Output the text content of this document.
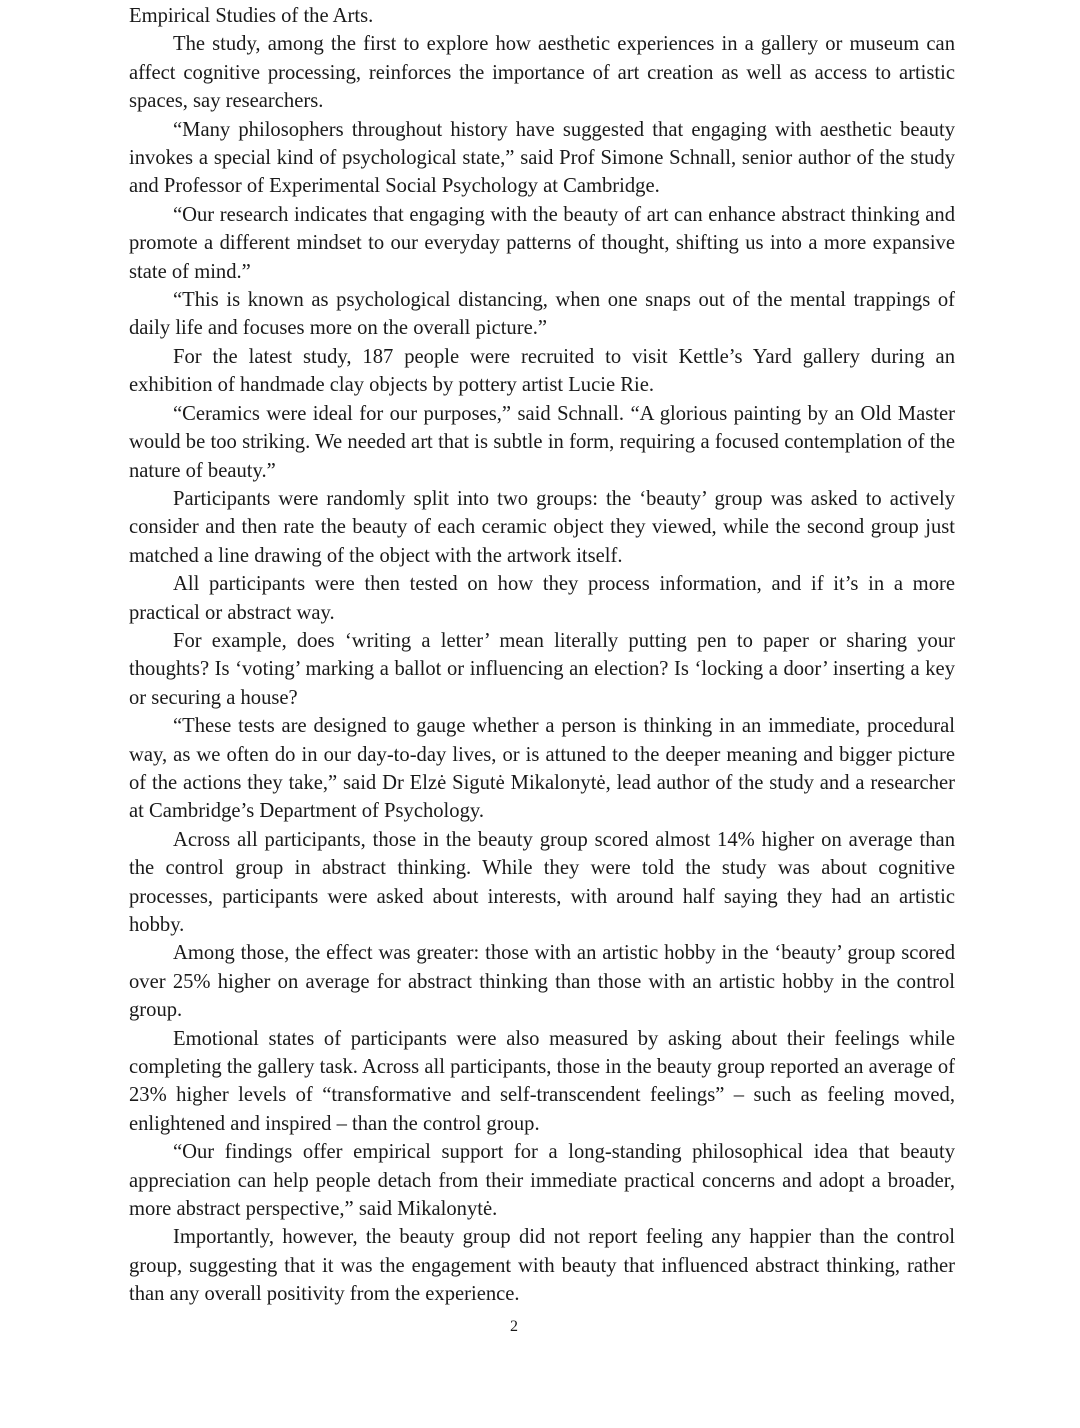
Empirical Studies of the Arts.

The study, among the first to explore how aesthetic experiences in a gallery or museum can affect cognitive processing, reinforces the importance of art creation as well as access to artistic spaces, say researchers.

“Many philosophers throughout history have suggested that engaging with aesthetic beauty invokes a special kind of psychological state,” said Prof Simone Schnall, senior author of the study and Professor of Experimental Social Psychology at Cambridge.

“Our research indicates that engaging with the beauty of art can enhance abstract thinking and promote a different mindset to our everyday patterns of thought, shifting us into a more expansive state of mind.”

“This is known as psychological distancing, when one snaps out of the mental trappings of daily life and focuses more on the overall picture.”

For the latest study, 187 people were recruited to visit Kettle’s Yard gallery during an exhibition of handmade clay objects by pottery artist Lucie Rie.

“Ceramics were ideal for our purposes,” said Schnall. “A glorious painting by an Old Master would be too striking. We needed art that is subtle in form, requiring a focused contemplation of the nature of beauty.”

Participants were randomly split into two groups: the ‘beauty’ group was asked to actively consider and then rate the beauty of each ceramic object they viewed, while the second group just matched a line drawing of the object with the artwork itself.

All participants were then tested on how they process information, and if it’s in a more practical or abstract way.

For example, does ‘writing a letter’ mean literally putting pen to paper or sharing your thoughts? Is ‘voting’ marking a ballot or influencing an election? Is ‘locking a door’ inserting a key or securing a house?

“These tests are designed to gauge whether a person is thinking in an immediate, procedural way, as we often do in our day-to-day lives, or is attuned to the deeper meaning and bigger picture of the actions they take,” said Dr Elzė Sigutė Mikalonytė, lead author of the study and a researcher at Cambridge’s Department of Psychology.

Across all participants, those in the beauty group scored almost 14% higher on average than the control group in abstract thinking. While they were told the study was about cognitive processes, participants were asked about interests, with around half saying they had an artistic hobby.

Among those, the effect was greater: those with an artistic hobby in the ‘beauty’ group scored over 25% higher on average for abstract thinking than those with an artistic hobby in the control group.

Emotional states of participants were also measured by asking about their feelings while completing the gallery task. Across all participants, those in the beauty group reported an average of 23% higher levels of “transformative and self-transcendent feelings” – such as feeling moved, enlightened and inspired – than the control group.

“Our findings offer empirical support for a long-standing philosophical idea that beauty appreciation can help people detach from their immediate practical concerns and adopt a broader, more abstract perspective,” said Mikalonytė.

Importantly, however, the beauty group did not report feeling any happier than the control group, suggesting that it was the engagement with beauty that influenced abstract thinking, rather than any overall positivity from the experience.

2
